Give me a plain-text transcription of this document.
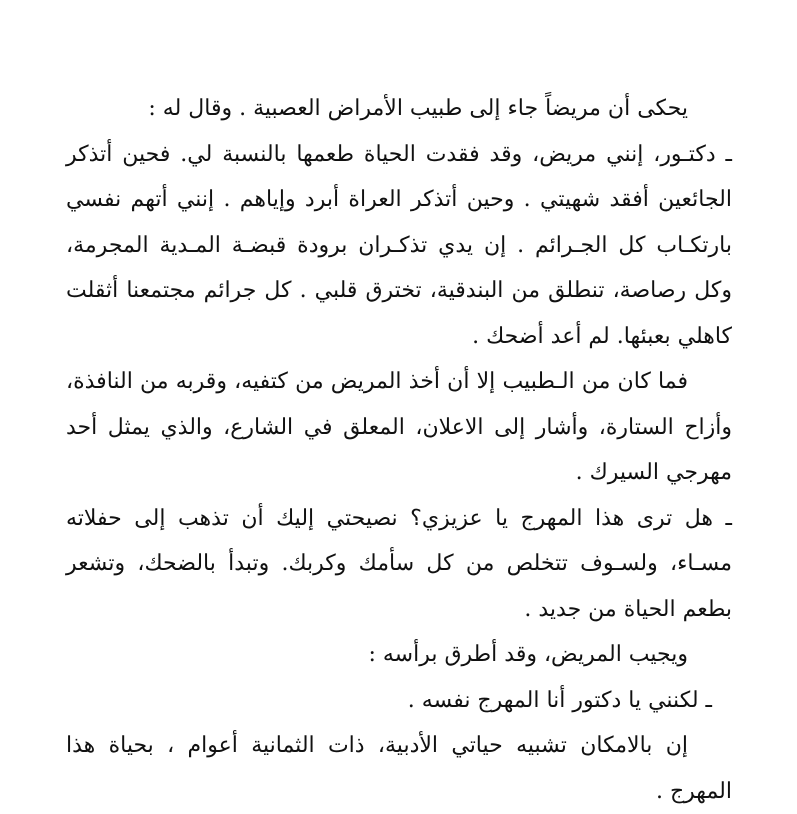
يحكى أن مريضاً جاء إلى طبيب الأمراض العصبية . وقال له :

ـ دكتـور، إنني مريض، وقد فقدت الحياة طعمها بالنسبة لي. فحين أتذكر الجائعين أفقد شهيتي . وحين أتذكر العراة أبرد وإياهم . إنني أتهم نفسي بارتكـاب كل الجـرائم . إن يدي تذكـران برودة قبضـة المـدية المجرمة، وكل رصاصة، تنطلق من البندقية، تخترق قلبي . كل جرائم مجتمعنا أثقلت كاهلي بعبئها. لم أعد أضحك .

فما كان من الـطبيب إلا أن أخذ المريض من كتفيه، وقربه من النافذة، وأزاح الستارة، وأشار إلى الاعلان، المعلق في الشارع، والذي يمثل أحد مهرجي السيرك .

ـ هل ترى هذا المهرج يا عزيزي؟ نصيحتي إليك أن تذهب إلى حفلاته مسـاء، ولسـوف تتخلص من كل سأمك وكربك. وتبدأ بالضحك، وتشعر بطعم الحياة من جديد .

ويجيب المريض، وقد أطرق برأسه :

ـ لكنني يا دكتور أنا المهرج نفسه .

إن بالامكان تشبيه حياتي الأدبية، ذات الثمانية أعوام ، بحياة هذا المهرج .
